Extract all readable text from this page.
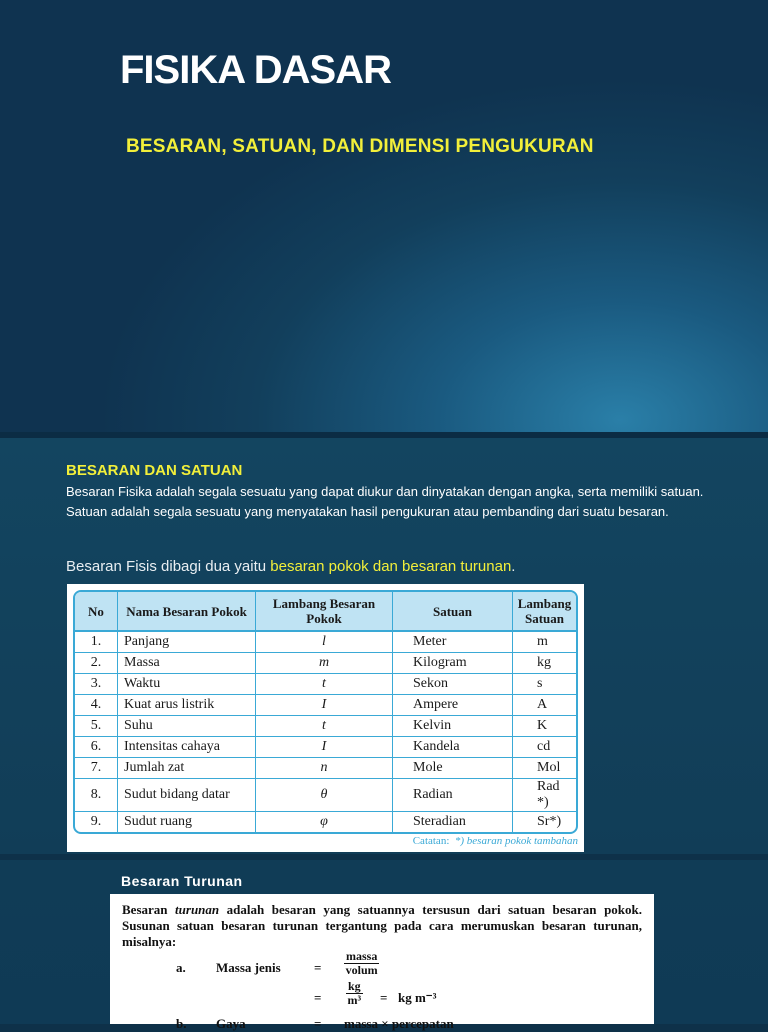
FISIKA DASAR
BESARAN, SATUAN, DAN DIMENSI PENGUKURAN
BESARAN DAN SATUAN
Besaran Fisika adalah segala sesuatu yang dapat diukur dan dinyatakan dengan angka, serta memiliki satuan. Satuan adalah segala sesuatu yang menyatakan hasil pengukuran atau pembanding dari suatu besaran.
Besaran Fisis dibagi dua yaitu besaran pokok dan besaran turunan.
No	Nama Besaran Pokok	Lambang Besaran Pokok	Satuan	Lambang Satuan
1.	Panjang	l	Meter	m
2.	Massa	m	Kilogram	kg
3.	Waktu	t	Sekon	s
4.	Kuat arus listrik	I	Ampere	A
5.	Suhu	t	Kelvin	K
6.	Intensitas cahaya	I	Kandela	cd
7.	Jumlah zat	n	Mole	Mol
8.	Sudut bidang datar	θ	Radian	Rad *)
9.	Sudut ruang	φ	Steradian	Sr*)
Catatan: *) besaran pokok tambahan
Besaran Turunan
Besaran turunan adalah besaran yang satuannya tersusun dari satuan besaran pokok. Susunan satuan besaran turunan tergantung pada cara merumuskan besaran turunan, misalnya:
a. Massa jenis	=
massa
volum
= $\frac{kg}{\text{m³}}$ = kg m⁻³
b. Gaya	= massa × percepatan
